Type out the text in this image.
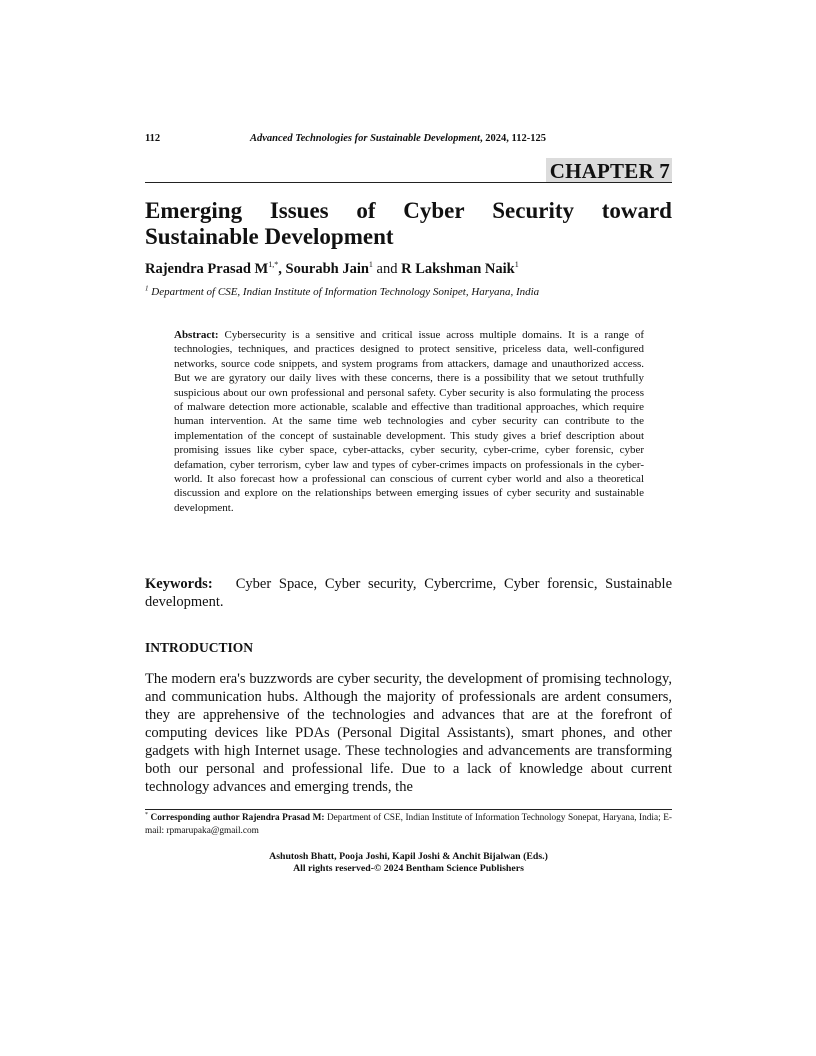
112	Advanced Technologies for Sustainable Development, 2024, 112-125
CHAPTER 7
Emerging Issues of Cyber Security toward
Sustainable Development
Rajendra Prasad $M^{1,*}$, Sourabh Jain$^1$ and R Lakshman Naik$^1$
$^1$ Department of CSE, Indian Institute of Information Technology Sonipet, Haryana, India
Abstract: Cybersecurity is a sensitive and critical issue across multiple domains. It is a range of technologies, techniques, and practices designed to protect sensitive, priceless data, well-configured networks, source code snippets, and system programs from attackers, damage and unauthorized access. But we are gyratory our daily lives with these concerns, there is a possibility that we setout truthfully suspicious about our own professional and personal safety. Cyber security is also formulating the process of malware detection more actionable, scalable and effective than traditional approaches, which require human intervention. At the same time web technologies and cyber security can contribute to the implementation of the concept of sustainable development. This study gives a brief description about promising issues like cyber space, cyber-attacks, cyber security, cyber-crime, cyber forensic, cyber defamation, cyber terrorism, cyber law and types of cyber-crimes impacts on professionals in the cyber-world. It also forecast how a professional can conscious of current cyber world and also a theoretical discussion and explore on the relationships between emerging issues of cyber security and sustainable development.
Keywords: Cyber Space, Cyber security, Cybercrime, Cyber forensic, Sustainable development.
INTRODUCTION
The modern era's buzzwords are cyber security, the development of promising technology, and communication hubs. Although the majority of professionals are ardent consumers, they are apprehensive of the technologies and advances that are at the forefront of computing devices like PDAs (Personal Digital Assistants), smart phones, and other gadgets with high Internet usage. These technologies and advancements are transforming both our personal and professional life. Due to a lack of knowledge about current technology advances and emerging trends, the
* Corresponding author Rajendra Prasad M: Department of CSE, Indian Institute of Information Technology Sonepat, Haryana, India; E-mail: rpmarupaka@gmail.com
Ashutosh Bhatt, Pooja Joshi, Kapil Joshi & Anchit Bijalwan (Eds.)
All rights reserved-© 2024 Bentham Science Publishers
